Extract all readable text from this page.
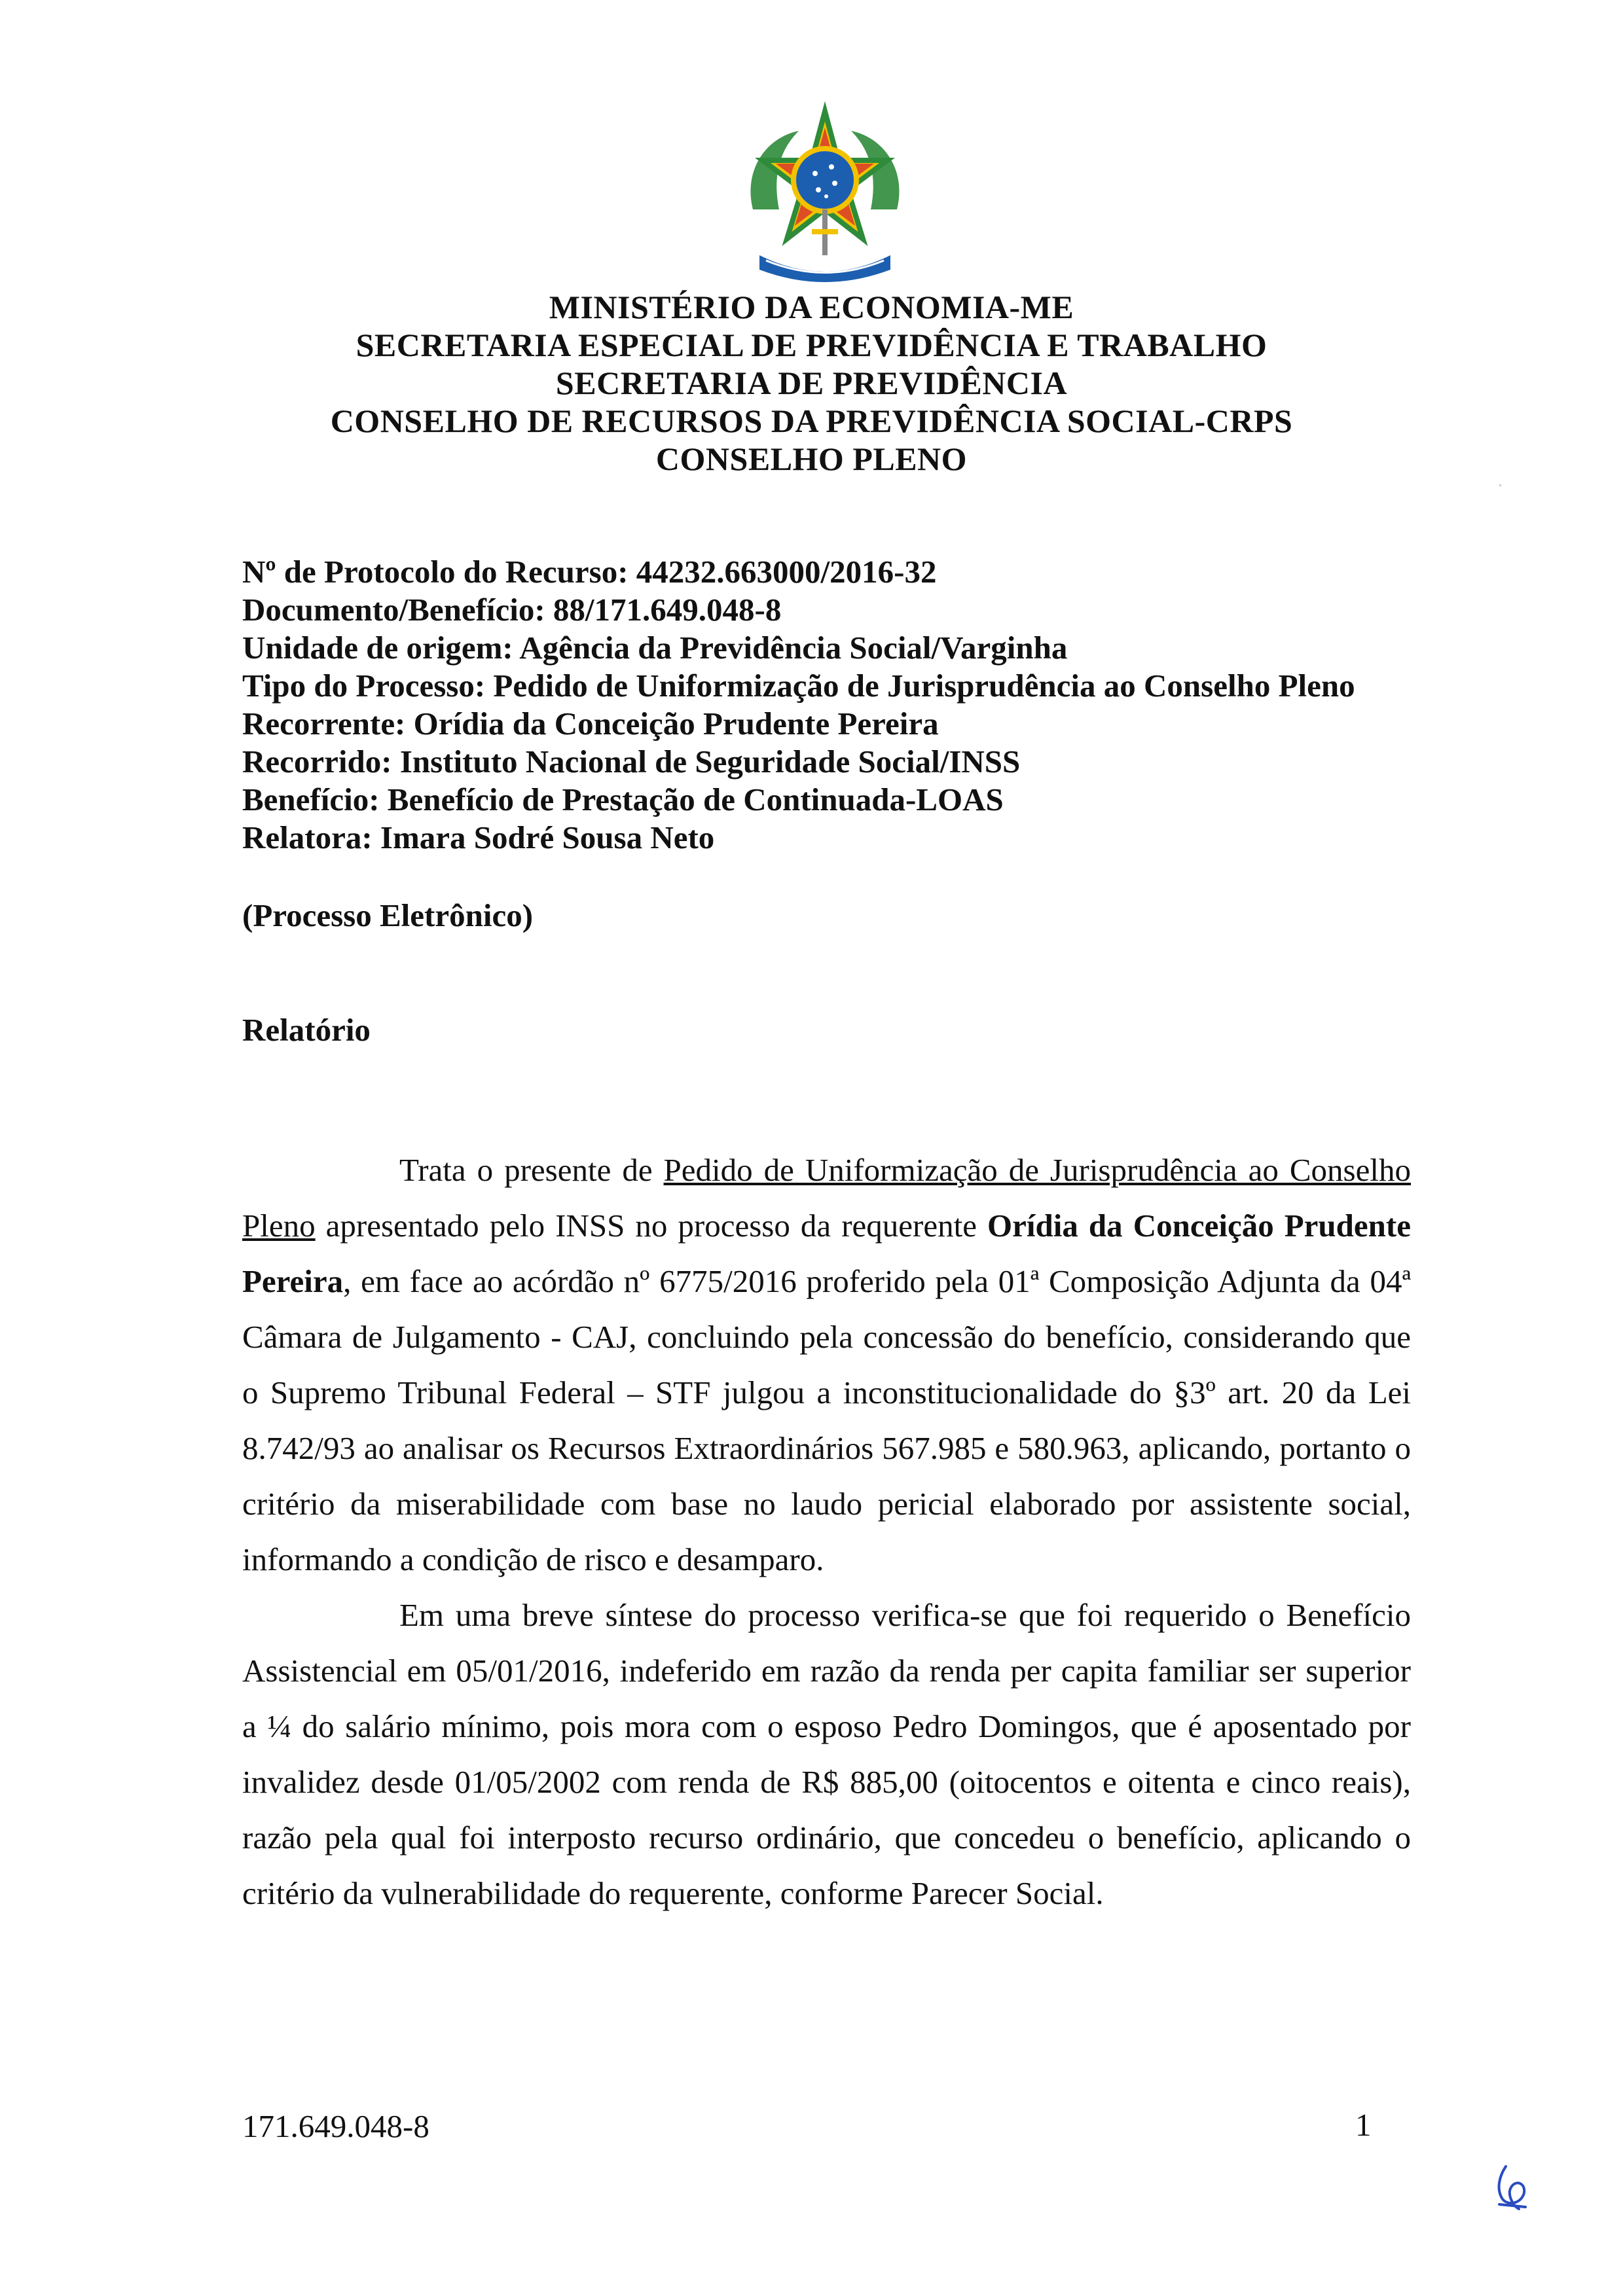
MINISTÉRIO DA ECONOMIA-ME
SECRETARIA ESPECIAL DE PREVIDÊNCIA E TRABALHO
SECRETARIA DE PREVIDÊNCIA
CONSELHO DE RECURSOS DA PREVIDÊNCIA SOCIAL-CRPS
CONSELHO PLENO
Nº de Protocolo do Recurso: 44232.663000/2016-32
Documento/Benefício: 88/171.649.048-8
Unidade de origem: Agência da Previdência Social/Varginha
Tipo do Processo: Pedido de Uniformização de Jurisprudência ao Conselho Pleno
Recorrente: Orídia da Conceição Prudente Pereira
Recorrido: Instituto Nacional de Seguridade Social/INSS
Benefício: Benefício de Prestação de Continuada-LOAS
Relatora: Imara Sodré Sousa Neto
(Processo Eletrônico)
Relatório

Trata o presente de Pedido de Uniformização de Jurisprudência ao Conselho Pleno apresentado pelo INSS no processo da requerente Orídia da Conceição Prudente Pereira, em face ao acórdão nº 6775/2016 proferido pela 01ª Composição Adjunta da 04ª Câmara de Julgamento - CAJ, concluindo pela concessão do benefício, considerando que o Supremo Tribunal Federal – STF julgou a inconstitucionalidade do §3º art. 20 da Lei 8.742/93 ao analisar os Recursos Extraordinários 567.985 e 580.963, aplicando, portanto o critério da miserabilidade com base no laudo pericial elaborado por assistente social, informando a condição de risco e desamparo.

Em uma breve síntese do processo verifica-se que foi requerido o Benefício Assistencial em 05/01/2016, indeferido em razão da renda per capita familiar ser superior a ¼ do salário mínimo, pois mora com o esposo Pedro Domingos, que é aposentado por invalidez desde 01/05/2002 com renda de R$ 885,00 (oitocentos e oitenta e cinco reais), razão pela qual foi interposto recurso ordinário, que concedeu o benefício, aplicando o critério da vulnerabilidade do requerente, conforme Parecer Social.

171.649.048-8	1
